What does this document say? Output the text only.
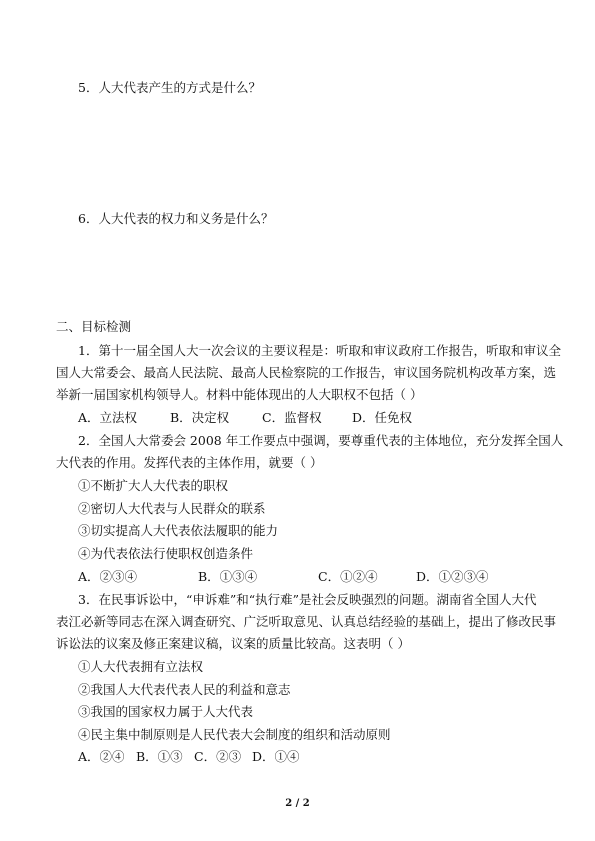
5．人大代表产生的方式是什么？
6．人大代表的权力和义务是什么？
二、目标检测
1．第十一届全国人大一次会议的主要议程是：听取和审议政府工作报告，听取和审议全
国人大常委会、最高人民法院、最高人民检察院的工作报告，审议国务院机构改革方案，选
举新一届国家机构领导人。材料中能体现出的人大职权不包括（ ）
A．立法权	B．决定权	C．监督权 D．任免权
2．全国人大常委会 2008 年工作要点中强调，要尊重代表的主体地位，充分发挥全国人
大代表的作用。发挥代表的主体作用，就要（ ）
①不断扩大人大代表的职权
②密切人大代表与人民群众的联系
③切实提高人大代表依法履职的能力
④为代表依法行使职权创造条件
A．②③④	B．①③④	C．①②④	D．①②③④
3．在民事诉讼中，“申诉难”和“执行难”是社会反映强烈的问题。湖南省全国人大代
表江必新等同志在深入调查研究、广泛听取意见、认真总结经验的基础上，提出了修改民事
诉讼法的议案及修正案建议稿，议案的质量比较高。这表明（ ）
①人大代表拥有立法权
②我国人大代表代表人民的利益和意志
③我国的国家权力属于人大代表
④民主集中制原则是人民代表大会制度的组织和活动原则
A．②④ B．①③ C．②③ D．①④
2 / 2
